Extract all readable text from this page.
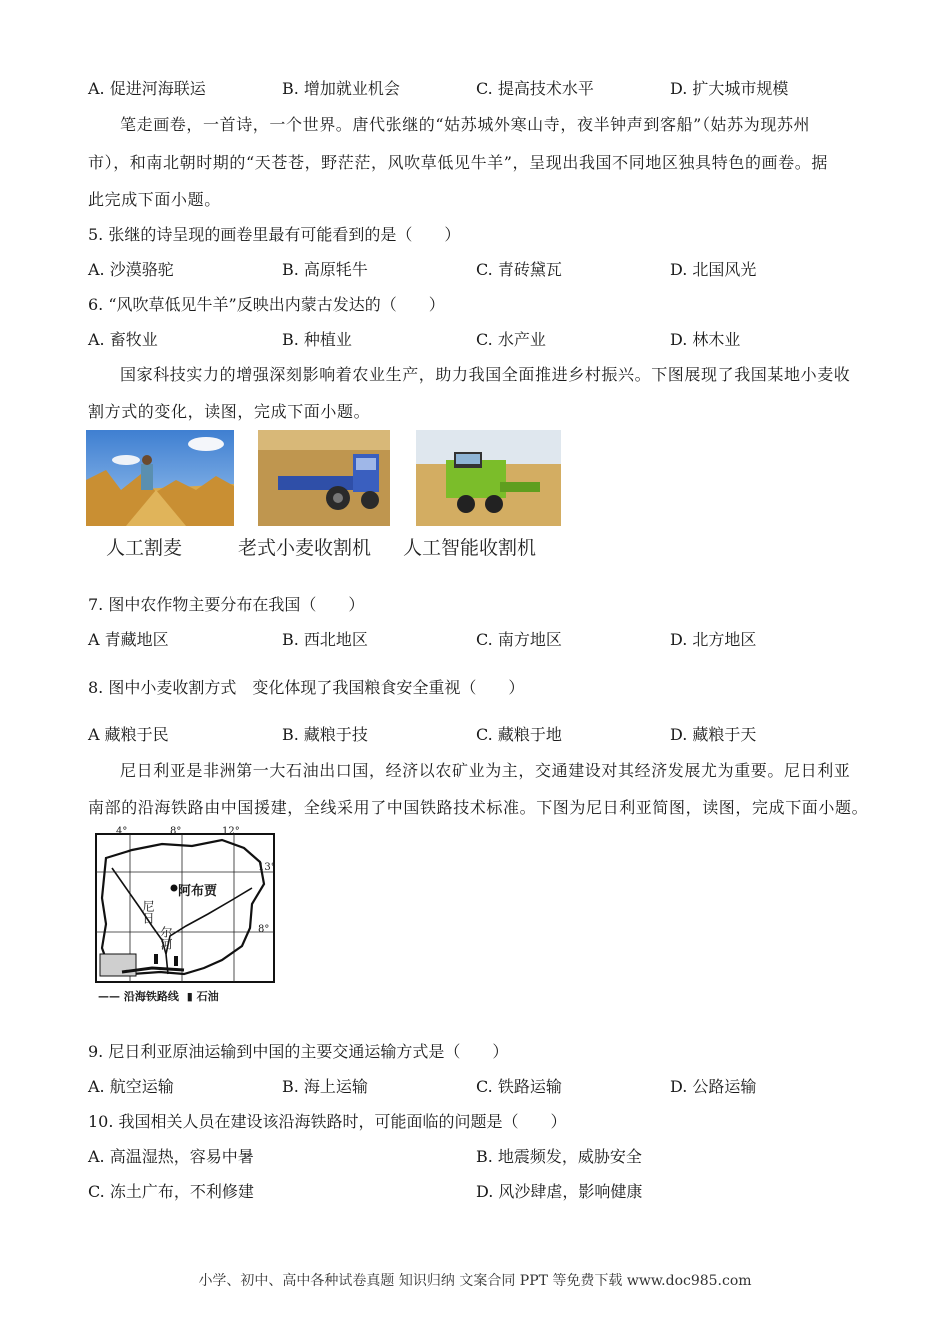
A. 促进河海联运	B. 增加就业机会	C. 提高技术水平	D. 扩大城市规模
笔走画卷，一首诗，一个世界。唐代张继的“姑苏城外寒山寺，夜半钟声到客船”（姑苏为现苏州
市），和南北朝时期的“天苍苍，野茫茫，风吹草低见牛羊”，呈现出我国不同地区独具特色的画卷。据
此完成下面小题。
5. 张继的诗呈现的画卷里最有可能看到的是（　　）
A. 沙漠骆驼	B. 高原牦牛	C. 青砖黛瓦	D. 北国风光
6. “风吹草低见牛羊”反映出内蒙古发达的（　　）
A. 畜牧业	B. 种植业	C. 水产业	D. 林木业
国家科技实力的增强深刻影响着农业生产，助力我国全面推进乡村振兴。下图展现了我国某地小麦收
割方式的变化，读图，完成下面小题。
人工割麦	老式小麦收割机 人工智能收割机
7. 图中农作物主要分布在我国（　　）
A 青藏地区	B. 西北地区	C. 南方地区	D. 北方地区
8. 图中小麦收割方式　变化体现了我国粮食安全重视（　　）
A 藏粮于民	B. 藏粮于技	C. 藏粮于地	D. 藏粮于天
尼日利亚是非洲第一大石油出口国，经济以农矿业为主，交通建设对其经济发展尤为重要。尼日利亚
南部的沿海铁路由中国援建，全线采用了中国铁路技术标准。下图为尼日利亚简图，读图，完成下面小题。
4°	8°	12°
13°
8°
阿布贾
尼日
尔河
—— 沿海铁路线 ▮ 石油
9. 尼日利亚原油运输到中国的主要交通运输方式是（　　）
A. 航空运输	B. 海上运输	C. 铁路运输	D. 公路运输
10. 我国相关人员在建设该沿海铁路时，可能面临的问题是（　　）
A. 高温湿热，容易中暑	B. 地震频发，威胁安全
C. 冻土广布，不利修建	D. 风沙肆虐，影响健康
小学、初中、高中各种试卷真题 知识归纳 文案合同 PPT 等免费下载 www.doc985.com
